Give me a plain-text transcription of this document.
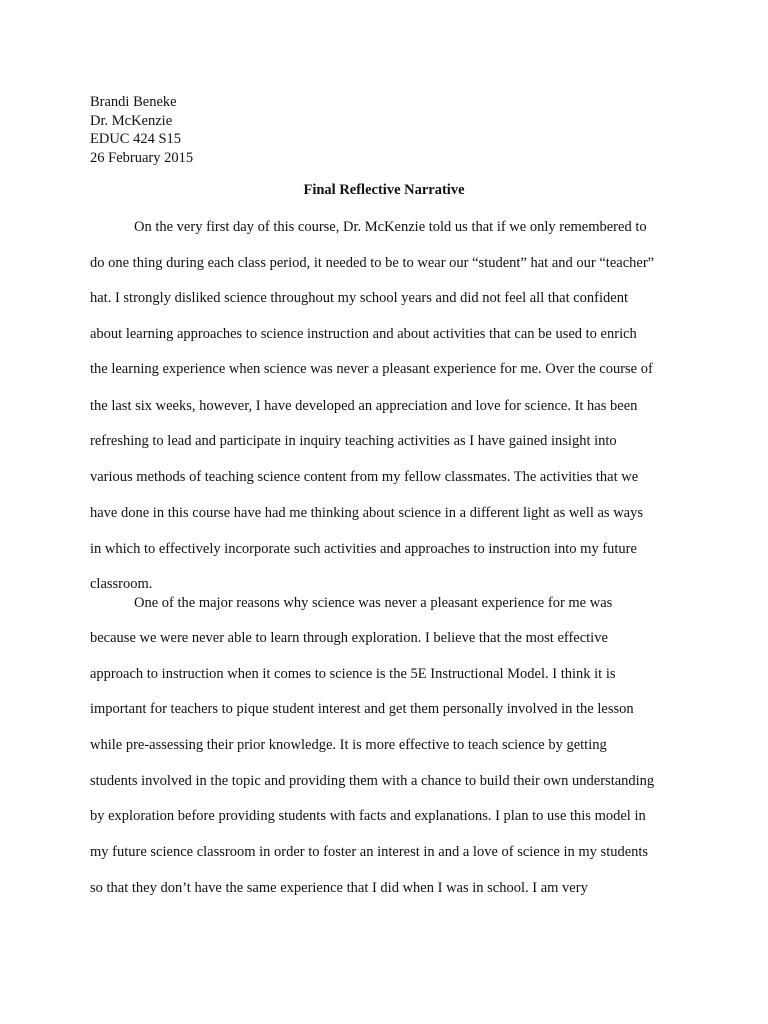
Brandi Beneke
Dr. McKenzie
EDUC 424 S15
26 February 2015
Final Reflective Narrative
On the very first day of this course, Dr. McKenzie told us that if we only remembered to
do one thing during each class period, it needed to be to wear our “student” hat and our “teacher”
hat. I strongly disliked science throughout my school years and did not feel all that confident
about learning approaches to science instruction and about activities that can be used to enrich
the learning experience when science was never a pleasant experience for me. Over the course of
the last six weeks, however, I have developed an appreciation and love for science. It has been
refreshing to lead and participate in inquiry teaching activities as I have gained insight into
various methods of teaching science content from my fellow classmates. The activities that we
have done in this course have had me thinking about science in a different light as well as ways
in which to effectively incorporate such activities and approaches to instruction into my future
classroom.
One of the major reasons why science was never a pleasant experience for me was
because we were never able to learn through exploration. I believe that the most effective
approach to instruction when it comes to science is the 5E Instructional Model. I think it is
important for teachers to pique student interest and get them personally involved in the lesson
while pre-assessing their prior knowledge. It is more effective to teach science by getting
students involved in the topic and providing them with a chance to build their own understanding
by exploration before providing students with facts and explanations. I plan to use this model in
my future science classroom in order to foster an interest in and a love of science in my students
so that they don’t have the same experience that I did when I was in school. I am very
